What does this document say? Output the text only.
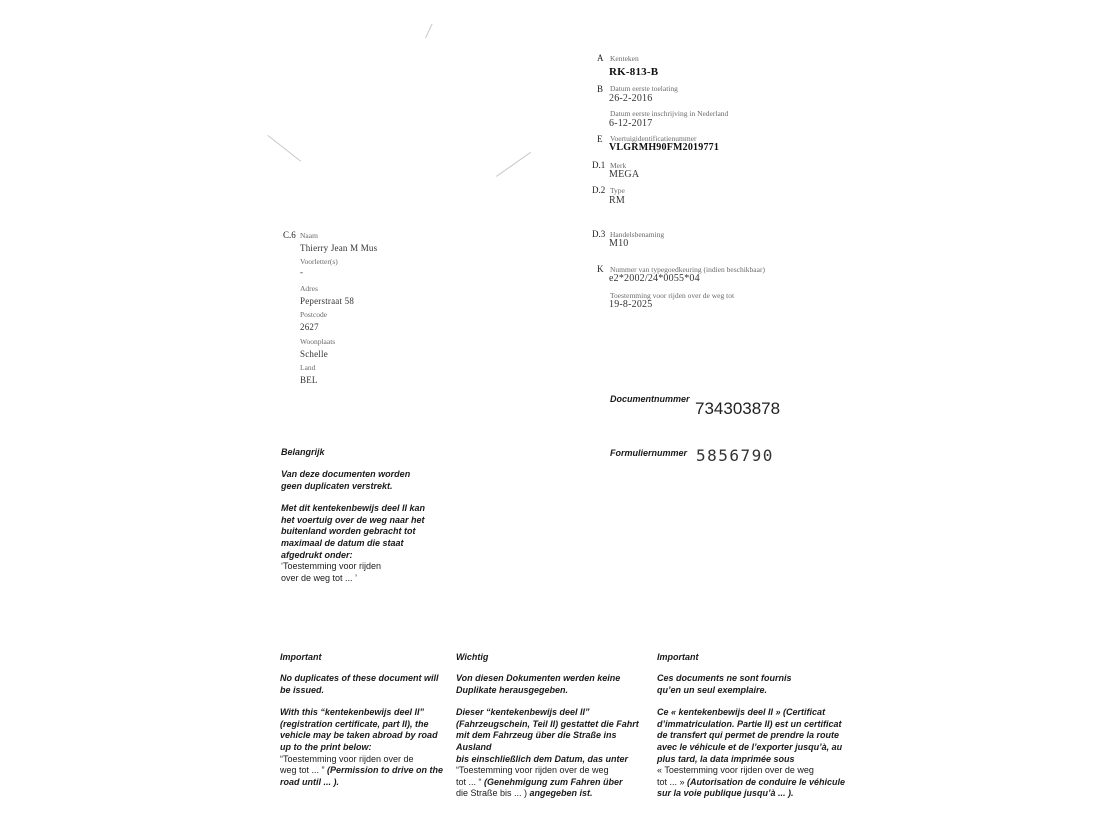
A Kenteken
RK-813-B
B Datum eerste toelating
26-2-2016
Datum eerste inschrijving in Nederland
6-12-2017
E Voertuigidentificatienummer
VLGRMH90FM2019771
D.1 Merk
MEGA
D.2 Type
RM
D.3 Handelsbenaming
M10
K Nummer van typegoedkeuring (indien beschikbaar)
e2*2002/24*0055*04
Toestemming voor rijden over de weg tot
19-8-2025
C.6 Naam
Thierry Jean M Mus
Voorletter(s)
-
Adres
Peperstraat 58
Postcode
2627
Woonplaats
Schelle
Land
BEL
Documentnummer 734303878
Formuliernummer 5856790
Belangrijk

Van deze documenten worden

geen duplicaten verstrekt.

Met dit kentekenbewijs deel II kan

het voertuig over de weg naar het

buitenland worden gebracht tot

maximaal de datum die staat

afgedrukt onder:

‘Toestemming voor rijden

over de weg tot ... ’

Important

No duplicates of these document will

be issued.

With this “kentekenbewijs deel II”

(registration certificate, part II), the

vehicle may be taken abroad by road

up to the print below:

“Toestemming voor rijden over de

weg tot ... ” (Permission to drive on the

road until ... ).

Wichtig

Von diesen Dokumenten werden keine

Duplikate herausgegeben.

Dieser “kentekenbewijs deel II”

(Fahrzeugschein, Teil II) gestattet die Fahrt

mit dem Fahrzeug über die Straße ins Ausland

bis einschließlich dem Datum, das unter

“Toestemming voor rijden over de weg

tot ... “ (Genehmigung zum Fahren über

die Straße bis ... ) angegeben ist.

Important

Ces documents ne sont fournis

qu’en un seul exemplaire.

Ce « kentekenbewijs deel II » (Certificat

d’immatriculation. Partie II) est un certificat

de transfert qui permet de prendre la route

avec le véhicule et de l’exporter jusqu’à, au

plus tard, la data imprimée sous

« Toestemming voor rijden over de weg

tot ... » (Autorisation de conduire le véhicule

sur la voie publique jusqu’à ... ).
